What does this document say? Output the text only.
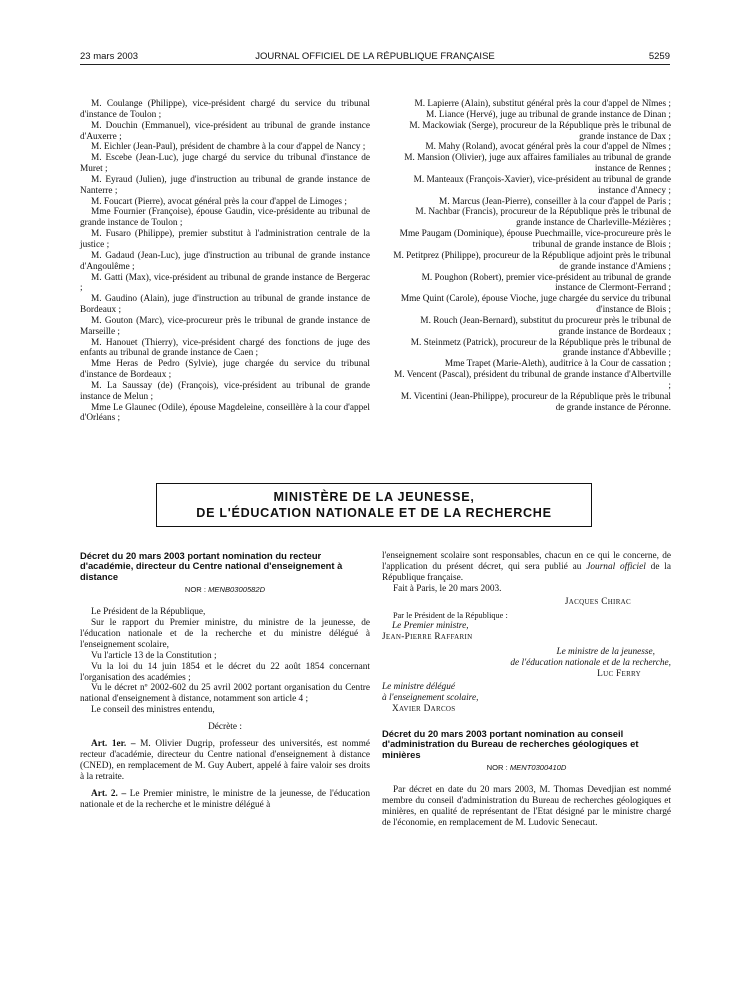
23 mars 2003	JOURNAL OFFICIEL DE LA RÉPUBLIQUE FRANÇAISE	5259

M. Coulange (Philippe), vice-président chargé du service du tribunal d'instance de Toulon ;

M. Douchin (Emmanuel), vice-président au tribunal de grande instance d'Auxerre ;

M. Eichler (Jean-Paul), président de chambre à la cour d'appel de Nancy ;

M. Escebe (Jean-Luc), juge chargé du service du tribunal d'instance de Muret ;

M. Eyraud (Julien), juge d'instruction au tribunal de grande instance de Nanterre ;

M. Foucart (Pierre), avocat général près la cour d'appel de Limoges ;

Mme Fournier (Françoise), épouse Gaudin, vice-présidente au tribunal de grande instance de Toulon ;

M. Fusaro (Philippe), premier substitut à l'administration centrale de la justice ;

M. Gadaud (Jean-Luc), juge d'instruction au tribunal de grande instance d'Angoulême ;

M. Gatti (Max), vice-président au tribunal de grande instance de Bergerac ;

M. Gaudino (Alain), juge d'instruction au tribunal de grande instance de Bordeaux ;

M. Gouton (Marc), vice-procureur près le tribunal de grande instance de Marseille ;

M. Hanouet (Thierry), vice-président chargé des fonctions de juge des enfants au tribunal de grande instance de Caen ;

Mme Heras de Pedro (Sylvie), juge chargée du service du tribunal d'instance de Bordeaux ;

M. La Saussay (de) (François), vice-président au tribunal de grande instance de Melun ;

Mme Le Glaunec (Odile), épouse Magdeleine, conseillère à la cour d'appel d'Orléans ;

M. Lapierre (Alain), substitut général près la cour d'appel de Nîmes ;

M. Liance (Hervé), juge au tribunal de grande instance de Dinan ;

M. Mackowiak (Serge), procureur de la République près le tribunal de grande instance de Dax ;

M. Mahy (Roland), avocat général près la cour d'appel de Nîmes ;

M. Mansion (Olivier), juge aux affaires familiales au tribunal de grande instance de Rennes ;

M. Manteaux (François-Xavier), vice-président au tribunal de grande instance d'Annecy ;

M. Marcus (Jean-Pierre), conseiller à la cour d'appel de Paris ;

M. Nachbar (Francis), procureur de la République près le tribunal de grande instance de Charleville-Mézières ;

Mme Paugam (Dominique), épouse Puechmaille, vice-procureure près le tribunal de grande instance de Blois ;

M. Petitprez (Philippe), procureur de la République adjoint près le tribunal de grande instance d'Amiens ;

M. Poughon (Robert), premier vice-président au tribunal de grande instance de Clermont-Ferrand ;

Mme Quint (Carole), épouse Vioche, juge chargée du service du tribunal d'instance de Blois ;

M. Rouch (Jean-Bernard), substitut du procureur près le tribunal de grande instance de Bordeaux ;

M. Steinmetz (Patrick), procureur de la République près le tribunal de grande instance d'Abbeville ;

Mme Trapet (Marie-Aleth), auditrice à la Cour de cassation ;

M. Vencent (Pascal), président du tribunal de grande instance d'Albertville ;

M. Vicentini (Jean-Philippe), procureur de la République près le tribunal de grande instance de Péronne.

MINISTÈRE DE LA JEUNESSE,
DE L'ÉDUCATION NATIONALE ET DE LA RECHERCHE

Décret du 20 mars 2003 portant nomination du recteur d'académie, directeur du Centre national d'enseignement à distance

NOR : MENB0300582D

Le Président de la République,

Sur le rapport du Premier ministre, du ministre de la jeunesse, de l'éducation nationale et de la recherche et du ministre délégué à l'enseignement scolaire,

Vu l'article 13 de la Constitution ;

Vu la loi du 14 juin 1854 et le décret du 22 août 1854 concernant l'organisation des académies ;

Vu le décret nº 2002-602 du 25 avril 2002 portant organisation du Centre national d'enseignement à distance, notamment son article 4 ;

Le conseil des ministres entendu,

Décrète :

Art. 1er. – M. Olivier Dugrip, professeur des universités, est nommé recteur d'académie, directeur du Centre national d'enseignement à distance (CNED), en remplacement de M. Guy Aubert, appelé à faire valoir ses droits à la retraite.

Art. 2. – Le Premier ministre, le ministre de la jeunesse, de l'éducation nationale et de la recherche et le ministre délégué à

l'enseignement scolaire sont responsables, chacun en ce qui le concerne, de l'application du présent décret, qui sera publié au Journal officiel de la République française.

Fait à Paris, le 20 mars 2003.

Jacques Chirac

Par le Président de la République :

Le Premier ministre,

Jean-Pierre Raffarin

Le ministre de la jeunesse,

de l'éducation nationale et de la recherche,

Luc Ferry

Le ministre délégué

à l'enseignement scolaire,

Xavier Darcos

Décret du 20 mars 2003 portant nomination au conseil d'administration du Bureau de recherches géologiques et minières

NOR : MENT0300410D

Par décret en date du 20 mars 2003, M. Thomas Devedjian est nommé membre du conseil d'administration du Bureau de recherches géologiques et minières, en qualité de représentant de l'Etat désigné par le ministre chargé de l'économie, en remplacement de M. Ludovic Senecaut.
